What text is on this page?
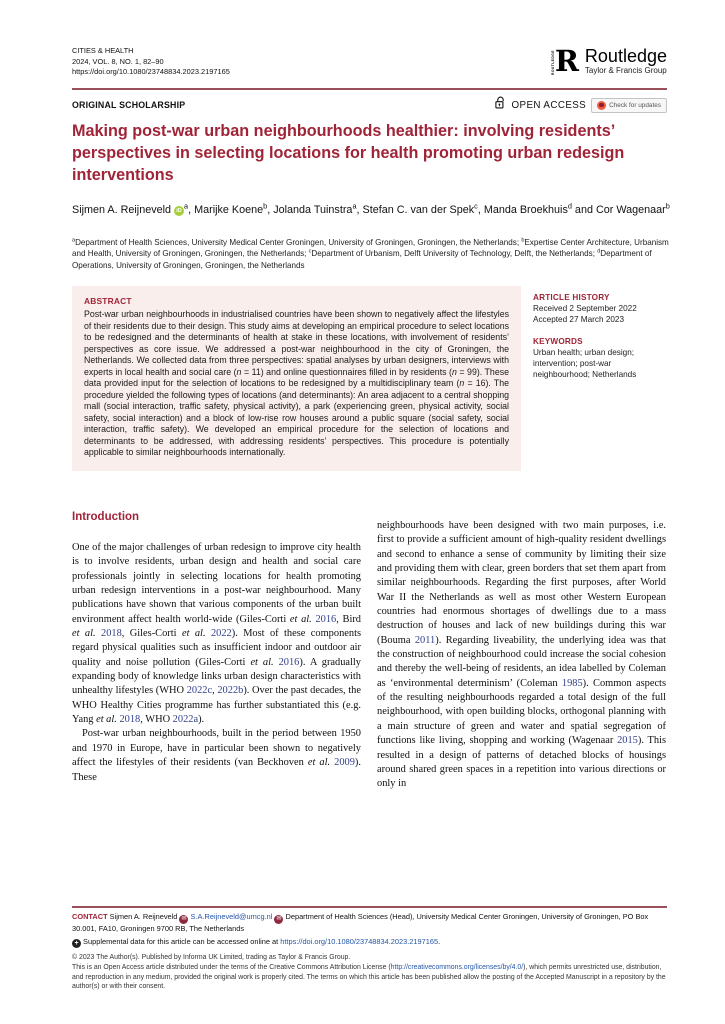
CITIES & HEALTH
2024, VOL. 8, NO. 1, 82–90
https://doi.org/10.1080/23748834.2023.2197165	ROUTLEDGE R Routledge
Taylor & Francis Group
ORIGINAL SCHOLARSHIP	OPEN ACCESS	Check for updates
Making post-war urban neighbourhoods healthier: involving residents’ perspectives in selecting locations for health promoting urban redesign interventions
Sijmen A. Reijneveld $iD^a$, Marijke Koene$^b$, Jolanda Tuinstra$^a$, Stefan C. van der Spek$^c$, Manda Broekhuis$^d$ and Cor Wagenaar$^b$
$^a$Department of Health Sciences, University Medical Center Groningen, University of Groningen, Groningen, the Netherlands; $^b$Expertise Center Architecture, Urbanism and Health, University of Groningen, Groningen, the Netherlands; $^c$Department of Urbanism, Delft University of Technology, Delft, the Netherlands; $^d$Department of Operations, University of Groningen, Groningen, the Netherlands
ABSTRACT
Post-war urban neighbourhoods in industrialised countries have been shown to negatively affect the lifestyles of their residents due to their design. This study aims at developing an empirical procedure to select locations to be redesigned and the determinants of health at stake in these locations, with involvement of residents’ perspectives as core issue. We addressed a post-war neighbourhood in the city of Groningen, the Netherlands. We collected data from three perspectives: spatial analyses by urban designers, interviews with experts in local health and social care (n = 11) and online questionnaires filled in by residents (n = 99). These data provided input for the selection of locations to be redesigned by a multidisciplinary team (n = 16). The procedure yielded the following types of locations (and determinants): An area adjacent to a central shopping mall (social interaction, traffic safety, physical activity), a park (experiencing green, physical activity, social safety, social interaction) and a block of low-rise row houses around a public square (social safety, social interaction, traffic safety). We developed an empirical procedure for the selection of locations and determinants to be addressed, with addressing residents’ perspectives. This procedure is potentially applicable to similar neighbourhoods internationally.
ARTICLE HISTORY
Received 2 September 2022
Accepted 27 March 2023
KEYWORDS
Urban health; urban design; intervention; post-war neighbourhood; Netherlands
Introduction

One of the major challenges of urban redesign to improve city health is to involve residents, urban design and health and social care professionals jointly in selecting locations for health promoting urban redesign interventions in a post-war neighbourhood. Many publications have shown that various components of the urban built environment affect health world-wide (Giles-Corti et al. 2016, Bird et al. 2018, Giles-Corti et al. 2022). Most of these components regard physical qualities such as insufficient indoor and outdoor air quality and noise pollution (Giles-Corti et al. 2016). A gradually expanding body of knowledge links urban design characteristics with unhealthy lifestyles (WHO 2022c, 2022b). Over the past decades, the WHO Healthy Cities programme has further substantiated this (e.g. Yang et al. 2018, WHO 2022a).

Post-war urban neighbourhoods, built in the period between 1950 and 1970 in Europe, have in particular been shown to negatively affect the lifestyles of their residents (van Beckhoven et al. 2009). These

neighbourhoods have been designed with two main purposes, i.e. first to provide a sufficient amount of high-quality resident dwellings and second to enhance a sense of community by limiting their size and providing them with clear, green borders that set them apart from similar neighbourhoods. Regarding the first purposes, after World War II the Netherlands as well as most other Western European countries had enormous shortages of dwellings due to a mass destruction of houses and lack of new buildings during this war (Bouma 2011). Regarding liveability, the underlying idea was that the construction of neighbourhood could increase the social cohesion and thereby the well-being of residents, an idea labelled by Coleman as ‘environmental determinism’ (Coleman 1985). Common aspects of the resulting neighbourhoods regarded a total design of the full neighbourhood, with open building blocks, orthogonal planning with a main structure of green and water and spatial segregation of functions like living, shopping and working (Wagenaar 2015). This resulted in a design of patterns of detached blocks of housings around shared green spaces in a repetition into various directions or only in

CONTACT Sijmen A. Reijneveld ✉ S.A.Reijneveld@umcg.nl ✉ Department of Health Sciences (Head), University Medical Center Groningen, University of Groningen, PO Box 30.001, FA10, Groningen 9700 RB, The Netherlands

+ Supplemental data for this article can be accessed online at https://doi.org/10.1080/23748834.2023.2197165.

© 2023 The Author(s). Published by Informa UK Limited, trading as Taylor & Francis Group.

This is an Open Access article distributed under the terms of the Creative Commons Attribution License (http://creativecommons.org/licenses/by/4.0/), which permits unrestricted use, distribution, and reproduction in any medium, provided the original work is properly cited. The terms on which this article has been published allow the posting of the Accepted Manuscript in a repository by the author(s) or with their consent.
